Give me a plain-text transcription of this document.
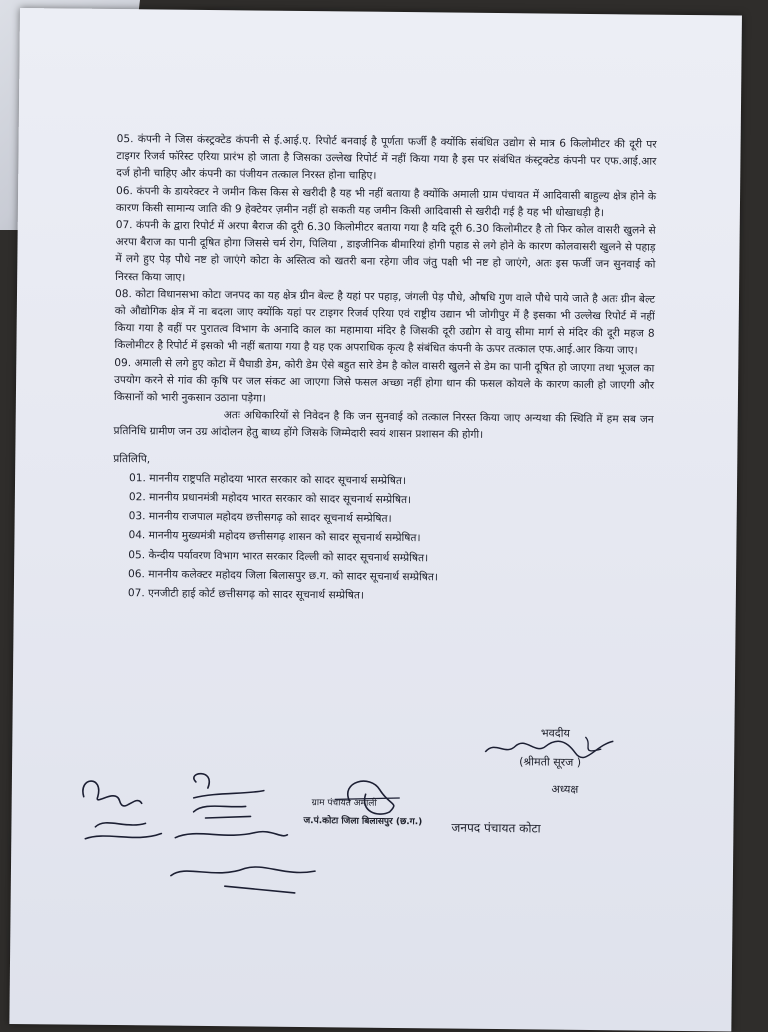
05. कंपनी ने जिस कंस्ट्रक्टेड कंपनी से ई.आई.ए. रिपोर्ट बनवाई है पूर्णता फर्जी है क्योंकि संबंधित उद्योग से मात्र 6 किलोमीटर की दूरी पर टाइगर रिजर्व फॉरेस्ट एरिया प्रारंभ हो जाता है जिसका उल्लेख रिपोर्ट में नहीं किया गया है इस पर संबंधित कंस्ट्रक्टेड कंपनी पर एफ.आई.आर दर्ज होनी चाहिए और कंपनी का पंजीयन तत्काल निरस्त होना चाहिए।

06. कंपनी के डायरेक्टर ने जमीन किस किस से खरीदी है यह भी नहीं बताया है क्योंकि अमाली ग्राम पंचायत में आदिवासी बाहुल्य क्षेत्र होने के कारण किसी सामान्य जाति की 9 हेक्टेयर ज़मीन नहीं हो सकती यह जमीन किसी आदिवासी से खरीदी गई है यह भी धोखाधड़ी है।

07. कंपनी के द्वारा रिपोर्ट में अरपा बैराज की दूरी 6.30 किलोमीटर बताया गया है यदि दूरी 6.30 किलोमीटर है तो फिर कोल वासरी खुलने से अरपा बैराज का पानी दूषित होगा जिससे चर्म रोग, पिलिया , डाइजीनिक बीमारियां होगी पहाड से लगे होने के कारण कोलवासरी खुलने से पहाड़ में लगे हुए पेड़ पौधे नष्ट हो जाएंगे कोटा के अस्तित्व को खतरी बना रहेगा जीव जंतु पक्षी भी नष्ट हो जाएंगे, अतः इस फर्जी जन सुनवाई को निरस्त किया जाए।

08. कोटा विधानसभा कोटा जनपद का यह क्षेत्र ग्रीन बेल्ट है यहां पर पहाड़, जंगली पेड़ पौधे, औषधि गुण वाले पौधे पाये जाते है अतः ग्रीन बेल्ट को औद्योगिक क्षेत्र में ना बदला जाए क्योंकि यहां पर टाइगर रिजर्व एरिया एवं राष्ट्रीय उद्यान भी जोगीपुर में है इसका भी उल्लेख रिपोर्ट में नहीं किया गया है वहीं पर पुरातत्व विभाग के अनादि काल का महामाया मंदिर है जिसकी दूरी उद्योग से वायु सीमा मार्ग से मंदिर की दूरी महज 8 किलोमीटर है रिपोर्ट में इसको भी नहीं बताया गया है यह एक अपराधिक कृत्य है संबंधित कंपनी के ऊपर तत्काल एफ.आई.आर किया जाए।

09. अमाली से लगे हुए कोटा में घैघाडी डेम, कोरी डेम ऐसे बहुत सारे डेम है कोल वासरी खुलने से डेम का पानी दूषित हो जाएगा तथा भूजल का उपयोग करने से गांव की कृषि पर जल संकट आ जाएगा जिसे फसल अच्छा नहीं होगा धान की फसल कोयले के कारण काली हो जाएगी और किसानों को भारी नुकसान उठाना पड़ेगा।

अतः अधिकारियों से निवेदन है कि जन सुनवाई को तत्काल निरस्त किया जाए अन्यथा की स्थिति में हम सब जन प्रतिनिधि ग्रामीण जन उग्र आंदोलन हेतु बाध्य होंगे जिसके जिम्मेदारी स्वयं शासन प्रशासन की होगी।

प्रतिलिपि,
01. माननीय राष्ट्रपति महोदया भारत सरकार को सादर सूचनार्थ सम्प्रेषित।
02. माननीय प्रधानमंत्री महोदय भारत सरकार को सादर सूचनार्थ सम्प्रेषित।
03. माननीय राजपाल महोदय छत्तीसगढ़ को सादर सूचनार्थ सम्प्रेषित।
04. माननीय मुख्यमंत्री महोदय छत्तीसगढ़ शासन को सादर सूचनार्थ सम्प्रेषित।
05. केन्दीय पर्यावरण विभाग भारत सरकार दिल्ली को सादर सूचनार्थ सम्प्रेषित।
06. माननीय कलेक्टर महोदय जिला बिलासपुर छ.ग. को सादर सूचनार्थ सम्प्रेषित।
07. एनजीटी हाई कोर्ट छत्तीसगढ़ को सादर सूचनार्थ सम्प्रेषित।
भवदीय
(श्रीमती सूरज )
अध्यक्ष
जनपद पंचायत कोटा
ग्राम पंचायत अमाली
ज.पं.कोटा जिला बिलासपुर (छ.ग.)
